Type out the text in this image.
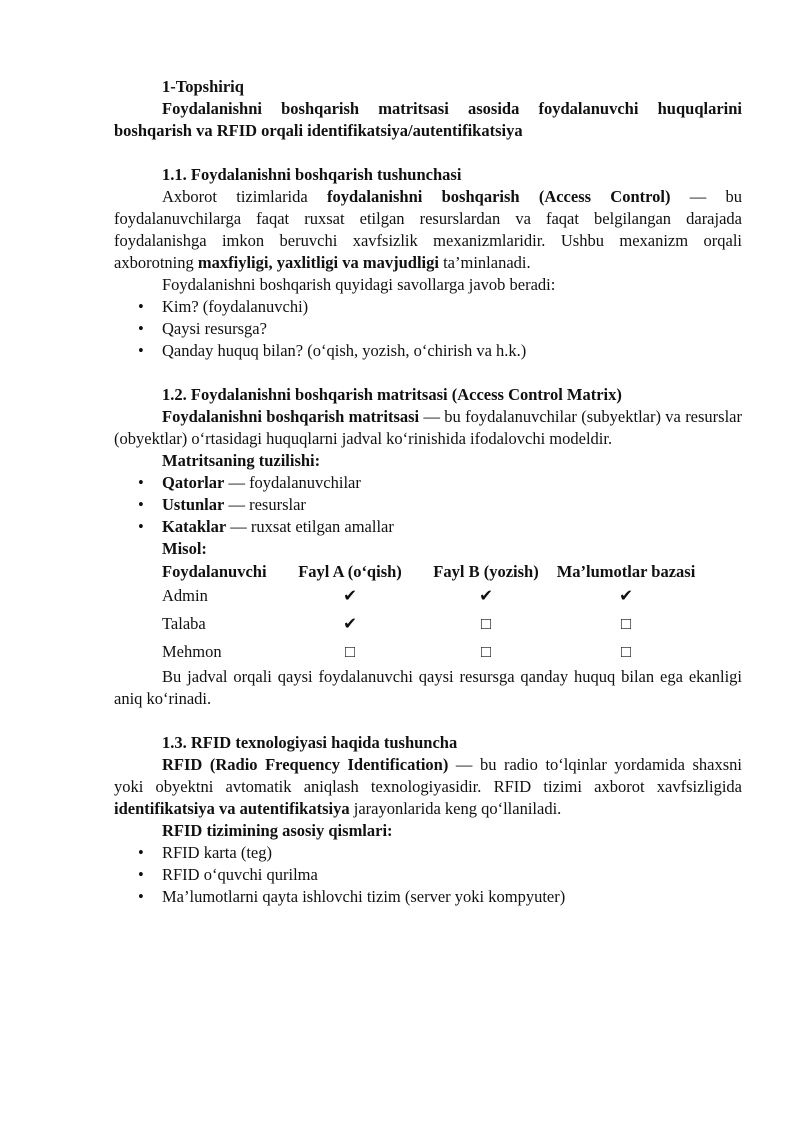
1-Topshiriq

Foydalanishni boshqarish matritsasi asosida foydalanuvchi huquqlarini boshqarish va RFID orqali identifikatsiya/autentifikatsiya

1.1. Foydalanishni boshqarish tushunchasi

Axborot tizimlarida foydalanishni boshqarish (Access Control) — bu foydalanuvchilarga faqat ruxsat etilgan resurslardan va faqat belgilangan darajada foydalanishga imkon beruvchi xavfsizlik mexanizmlaridir. Ushbu mexanizm orqali axborotning maxfiyligi, yaxlitligi va mavjudligi ta’minlanadi.

Foydalanishni boshqarish quyidagi savollarga javob beradi:

• Kim? (foydalanuvchi)
• Qaysi resursga?
• Qanday huquq bilan? (o‘qish, yozish, o‘chirish va h.k.)

1.2. Foydalanishni boshqarish matritsasi (Access Control Matrix)

Foydalanishni boshqarish matritsasi — bu foydalanuvchilar (subyektlar) va resurslar (obyektlar) o‘rtasidagi huquqlarni jadval ko‘rinishida ifodalovchi modeldir.

Matritsaning tuzilishi:

• Qatorlar — foydalanuvchilar
• Ustunlar — resurslar
• Kataklar — ruxsat etilgan amallar

Misol:

Foydalanuvchi	Fayl A (o‘qish)	Fayl B (yozish)	Ma’lumotlar bazasi
Admin	✔	✔	✔
Talaba	✔	□	□
Mehmon	□	□	□

Bu jadval orqali qaysi foydalanuvchi qaysi resursga qanday huquq bilan ega ekanligi aniq ko‘rinadi.

1.3. RFID texnologiyasi haqida tushuncha

RFID (Radio Frequency Identification) — bu radio to‘lqinlar yordamida shaxsni yoki obyektni avtomatik aniqlash texnologiyasidir. RFID tizimi axborot xavfsizligida identifikatsiya va autentifikatsiya jarayonlarida keng qo‘llaniladi.

RFID tizimining asosiy qismlari:

• RFID karta (teg)
• RFID o‘quvchi qurilma
• Ma’lumotlarni qayta ishlovchi tizim (server yoki kompyuter)
